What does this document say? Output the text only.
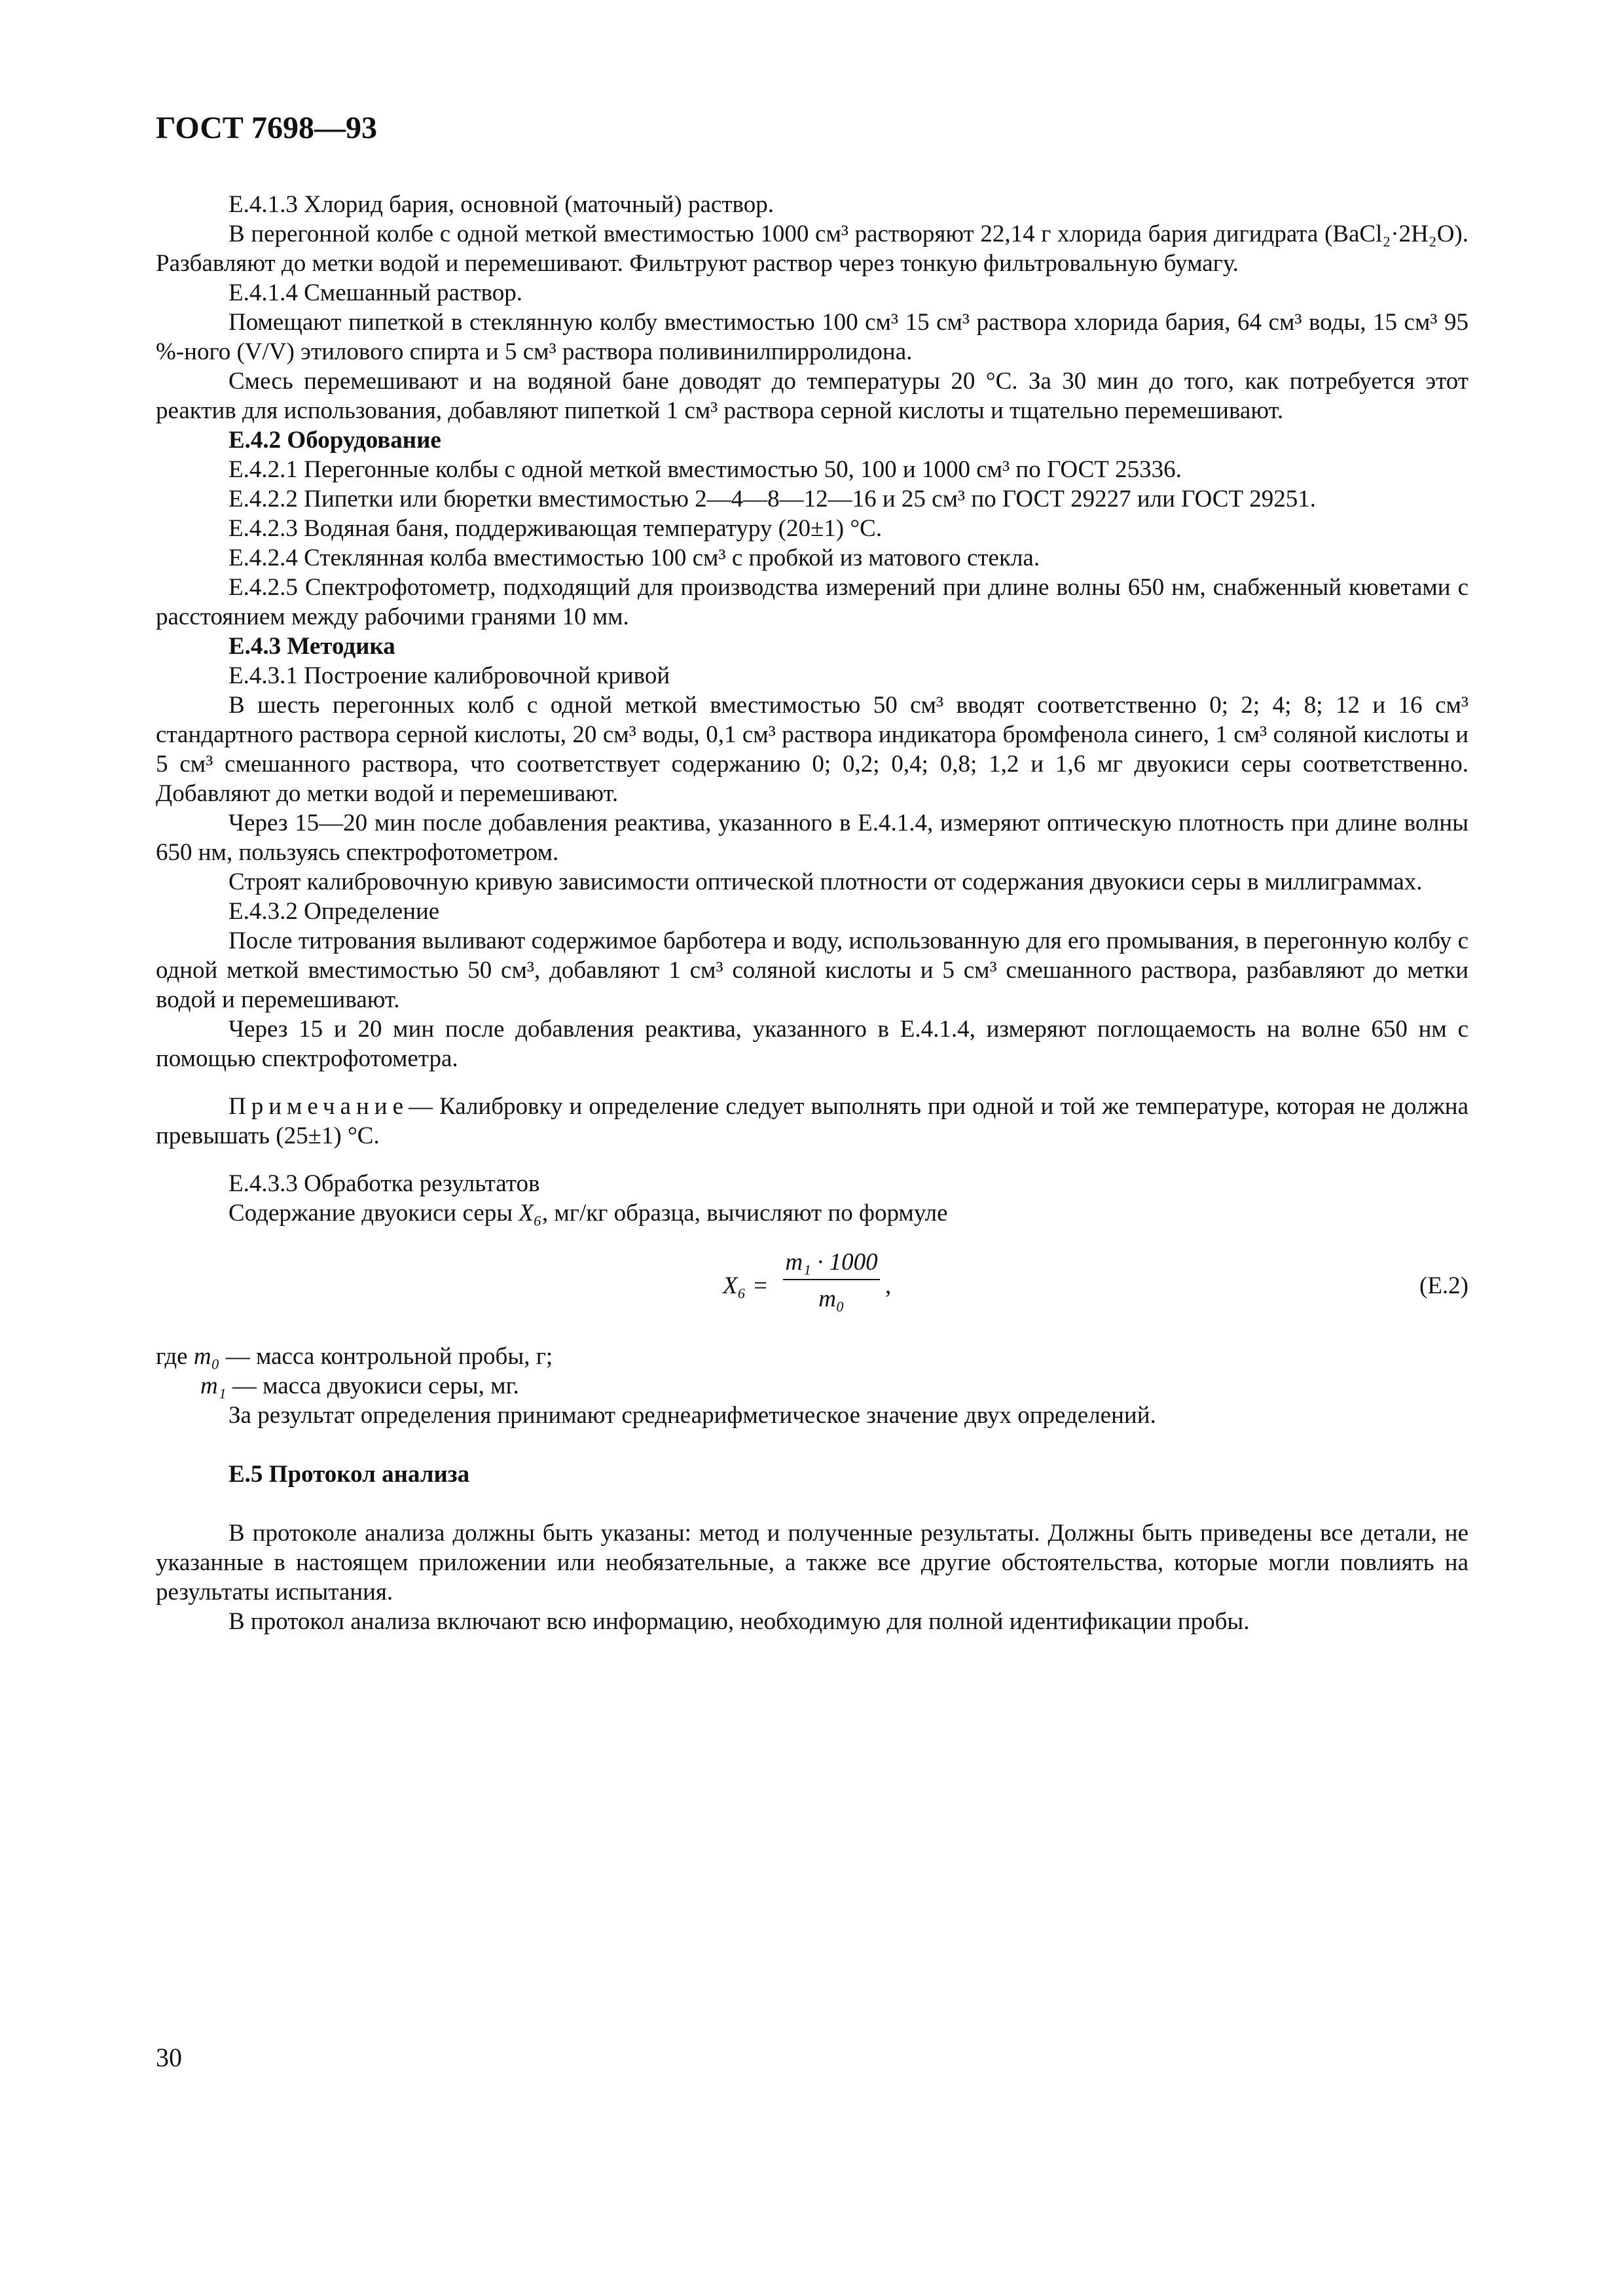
ГОСТ 7698—93

Е.4.1.3 Хлорид бария, основной (маточный) раствор.

В перегонной колбе с одной меткой вместимостью 1000 см³ растворяют 22,14 г хлорида бария дигидрата (BaCl₂·2H₂O). Разбавляют до метки водой и перемешивают. Фильтруют раствор через тонкую фильтровальную бумагу.

Е.4.1.4 Смешанный раствор.

Помещают пипеткой в стеклянную колбу вместимостью 100 см³ 15 см³ раствора хлорида бария, 64 см³ воды, 15 см³ 95 %-ного (V/V) этилового спирта и 5 см³ раствора поливинилпирролидона.

Смесь перемешивают и на водяной бане доводят до температуры 20 °С. За 30 мин до того, как потребуется этот реактив для использования, добавляют пипеткой 1 см³ раствора серной кислоты и тщательно перемешивают.

Е.4.2 Оборудование

Е.4.2.1 Перегонные колбы с одной меткой вместимостью 50, 100 и 1000 см³ по ГОСТ 25336.

Е.4.2.2 Пипетки или бюретки вместимостью 2—4—8—12—16 и 25 см³ по ГОСТ 29227 или ГОСТ 29251.

Е.4.2.3 Водяная баня, поддерживающая температуру (20±1) °С.

Е.4.2.4 Стеклянная колба вместимостью 100 см³ с пробкой из матового стекла.

Е.4.2.5 Спектрофотометр, подходящий для производства измерений при длине волны 650 нм, снабженный кюветами с расстоянием между рабочими гранями 10 мм.

Е.4.3 Методика

Е.4.3.1 Построение калибровочной кривой

В шесть перегонных колб с одной меткой вместимостью 50 см³ вводят соответственно 0; 2; 4; 8; 12 и 16 см³ стандартного раствора серной кислоты, 20 см³ воды, 0,1 см³ раствора индикатора бромфенола синего, 1 см³ соляной кислоты и 5 см³ смешанного раствора, что соответствует содержанию 0; 0,2; 0,4; 0,8; 1,2 и 1,6 мг двуокиси серы соответственно. Добавляют до метки водой и перемешивают.

Через 15—20 мин после добавления реактива, указанного в Е.4.1.4, измеряют оптическую плотность при длине волны 650 нм, пользуясь спектрофотометром.

Строят калибровочную кривую зависимости оптической плотности от содержания двуокиси серы в миллиграммах.

Е.4.3.2 Определение

После титрования выливают содержимое барботера и воду, использованную для его промывания, в перегонную колбу с одной меткой вместимостью 50 см³, добавляют 1 см³ соляной кислоты и 5 см³ смешанного раствора, разбавляют до метки водой и перемешивают.

Через 15 и 20 мин после добавления реактива, указанного в Е.4.1.4, измеряют поглощаемость на волне 650 нм с помощью спектрофотометра.

Примечание— Калибровку и определение следует выполнять при одной и той же температуре, которая не должна превышать (25±1) °С.

Е.4.3.3 Обработка результатов

Содержание двуокиси серы X₆, мг/кг образца, вычисляют по формуле

X₆ =
m₁ · 1000
m₀	,	(Е.2)

где m₀ — масса контрольной пробы, г;

m₁ — масса двуокиси серы, мг.

За результат определения принимают среднеарифметическое значение двух определений.

Е.5 Протокол анализа

В протоколе анализа должны быть указаны: метод и полученные результаты. Должны быть приведены все детали, не указанные в настоящем приложении или необязательные, а также все другие обстоятельства, которые могли повлиять на результаты испытания.

В протокол анализа включают всю информацию, необходимую для полной идентификации пробы.

30
